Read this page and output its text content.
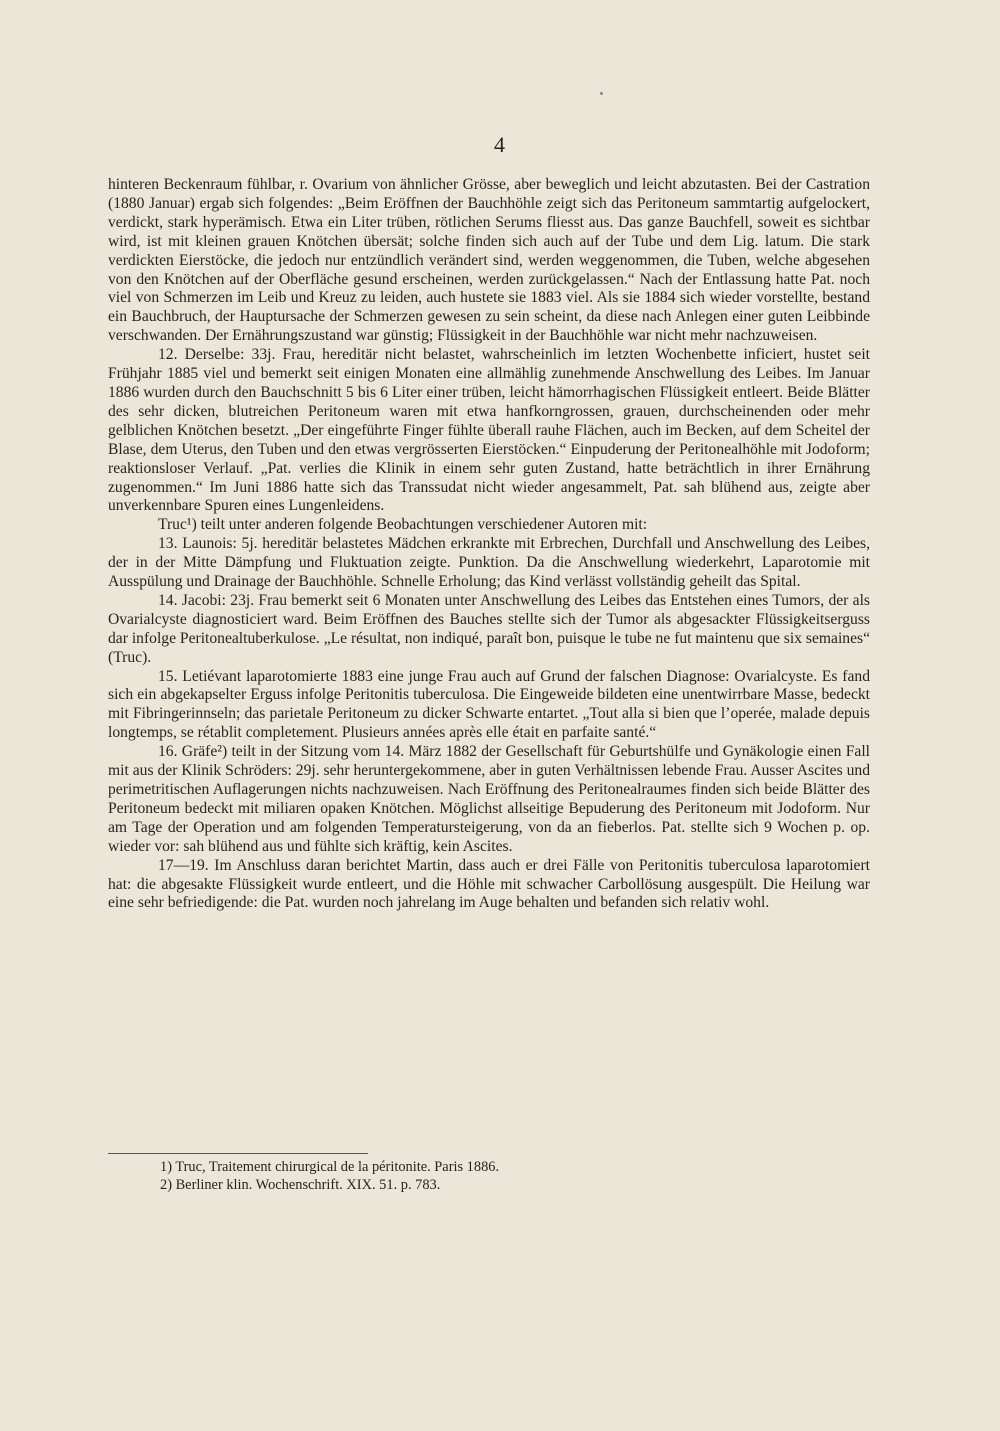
4

hinteren Beckenraum fühlbar, r. Ovarium von ähnlicher Grösse, aber beweglich und leicht abzutasten. Bei der Castration (1880 Januar) ergab sich folgendes: „Beim Eröffnen der Bauchhöhle zeigt sich das Peritoneum sammtartig aufgelockert, verdickt, stark hyperämisch. Etwa ein Liter trüben, rötlichen Serums fliesst aus. Das ganze Bauchfell, soweit es sichtbar wird, ist mit kleinen grauen Knötchen übersät; solche finden sich auch auf der Tube und dem Lig. latum. Die stark verdickten Eierstöcke, die jedoch nur entzündlich verändert sind, werden weggenommen, die Tuben, welche abgesehen von den Knötchen auf der Oberfläche gesund erscheinen, werden zurückgelassen.“ Nach der Entlassung hatte Pat. noch viel von Schmerzen im Leib und Kreuz zu leiden, auch hustete sie 1883 viel. Als sie 1884 sich wieder vorstellte, bestand ein Bauchbruch, der Hauptursache der Schmerzen gewesen zu sein scheint, da diese nach Anlegen einer guten Leibbinde verschwanden. Der Ernährungszustand war günstig; Flüssigkeit in der Bauchhöhle war nicht mehr nachzuweisen.

12. Derselbe: 33j. Frau, hereditär nicht belastet, wahrscheinlich im letzten Wochenbette inficiert, hustet seit Frühjahr 1885 viel und bemerkt seit einigen Monaten eine allmählig zunehmende Anschwellung des Leibes. Im Januar 1886 wurden durch den Bauchschnitt 5 bis 6 Liter einer trüben, leicht hämorrhagischen Flüssigkeit entleert. Beide Blätter des sehr dicken, blutreichen Peritoneum waren mit etwa hanfkorngrossen, grauen, durchscheinenden oder mehr gelblichen Knötchen besetzt. „Der eingeführte Finger fühlte überall rauhe Flächen, auch im Becken, auf dem Scheitel der Blase, dem Uterus, den Tuben und den etwas vergrösserten Eierstöcken.“ Einpuderung der Peritonealhöhle mit Jodoform; reaktionsloser Verlauf. „Pat. verlies die Klinik in einem sehr guten Zustand, hatte beträchtlich in ihrer Ernährung zugenommen.“ Im Juni 1886 hatte sich das Transsudat nicht wieder angesammelt, Pat. sah blühend aus, zeigte aber unverkennbare Spuren eines Lungenleidens.

Truc¹) teilt unter anderen folgende Beobachtungen verschiedener Autoren mit:

13. Launois: 5j. hereditär belastetes Mädchen erkrankte mit Erbrechen, Durchfall und Anschwellung des Leibes, der in der Mitte Dämpfung und Fluktuation zeigte. Punktion. Da die Anschwellung wiederkehrt, Laparotomie mit Ausspülung und Drainage der Bauchhöhle. Schnelle Erholung; das Kind verlässt vollständig geheilt das Spital.

14. Jacobi: 23j. Frau bemerkt seit 6 Monaten unter Anschwellung des Leibes das Entstehen eines Tumors, der als Ovarialcyste diagnosticiert ward. Beim Eröffnen des Bauches stellte sich der Tumor als abgesackter Flüssigkeitserguss dar infolge Peritonealtuberkulose. „Le résultat, non indiqué, paraît bon, puisque le tube ne fut maintenu que six semaines“ (Truc).

15. Letiévant laparotomierte 1883 eine junge Frau auch auf Grund der falschen Diagnose: Ovarialcyste. Es fand sich ein abgekapselter Erguss infolge Peritonitis tuberculosa. Die Eingeweide bildeten eine unentwirrbare Masse, bedeckt mit Fibringerinnseln; das parietale Peritoneum zu dicker Schwarte entartet. „Tout alla si bien que l’operée, malade depuis longtemps, se rétablit completement. Plusieurs années après elle était en parfaite santé.“

16. Gräfe²) teilt in der Sitzung vom 14. März 1882 der Gesellschaft für Geburtshülfe und Gynäkologie einen Fall mit aus der Klinik Schröders: 29j. sehr heruntergekommene, aber in guten Verhältnissen lebende Frau. Ausser Ascites und perimetritischen Auflagerungen nichts nachzuweisen. Nach Eröffnung des Peritonealraumes finden sich beide Blätter des Peritoneum bedeckt mit miliaren opaken Knötchen. Möglichst allseitige Bepuderung des Peritoneum mit Jodoform. Nur am Tage der Operation und am folgenden Temperatursteigerung, von da an fieberlos. Pat. stellte sich 9 Wochen p. op. wieder vor: sah blühend aus und fühlte sich kräftig, kein Ascites.

17—19. Im Anschluss daran berichtet Martin, dass auch er drei Fälle von Peritonitis tuberculosa laparotomiert hat: die abgesakte Flüssigkeit wurde entleert, und die Höhle mit schwacher Carbollösung ausgespült. Die Heilung war eine sehr befriedigende: die Pat. wurden noch jahrelang im Auge behalten und befanden sich relativ wohl.

1) Truc, Traitement chirurgical de la péritonite. Paris 1886.
2) Berliner klin. Wochenschrift. XIX. 51. p. 783.
